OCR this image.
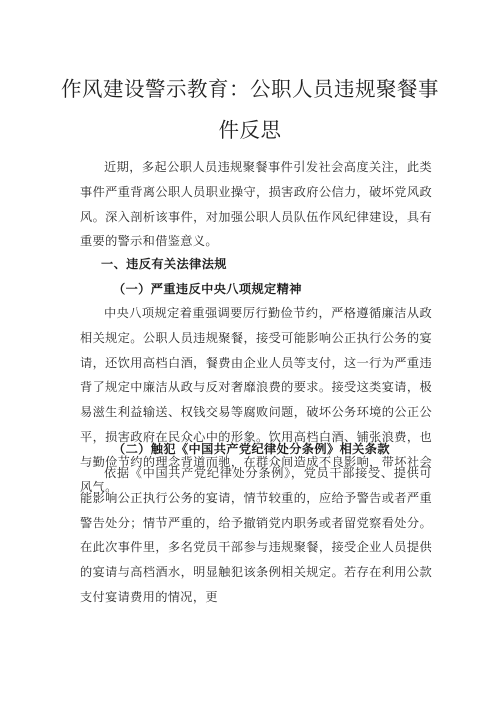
作风建设警示教育：公职人员违规聚餐事
件反思

近期，多起公职人员违规聚餐事件引发社会高度关注，此类事件严重背离公职人员职业操守，损害政府公信力，破坏党风政风。深入剖析该事件，对加强公职人员队伍作风纪律建设，具有重要的警示和借鉴意义。

一、违反有关法律法规
（一）严重违反中央八项规定精神

中央八项规定着重强调要厉行勤俭节约，严格遵循廉洁从政相关规定。公职人员违规聚餐，接受可能影响公正执行公务的宴请，还饮用高档白酒，餐费由企业人员等支付，这一行为严重违背了规定中廉洁从政与反对奢靡浪费的要求。接受这类宴请，极易滋生利益输送、权钱交易等腐败问题，破坏公务环境的公正公平，损害政府在民众心中的形象。饮用高档白酒、铺张浪费，也与勤俭节约的理念背道而驰，在群众间造成不良影响，带坏社会风气。

（二）触犯《中国共产党纪律处分条例》相关条款

依据《中国共产党纪律处分条例》，党员干部接受、提供可能影响公正执行公务的宴请，情节较重的，应给予警告或者严重警告处分；情节严重的，给予撤销党内职务或者留党察看处分。在此次事件里，多名党员干部参与违规聚餐，接受企业人员提供的宴请与高档酒水，明显触犯该条例相关规定。若存在利用公款支付宴请费用的情况，更
